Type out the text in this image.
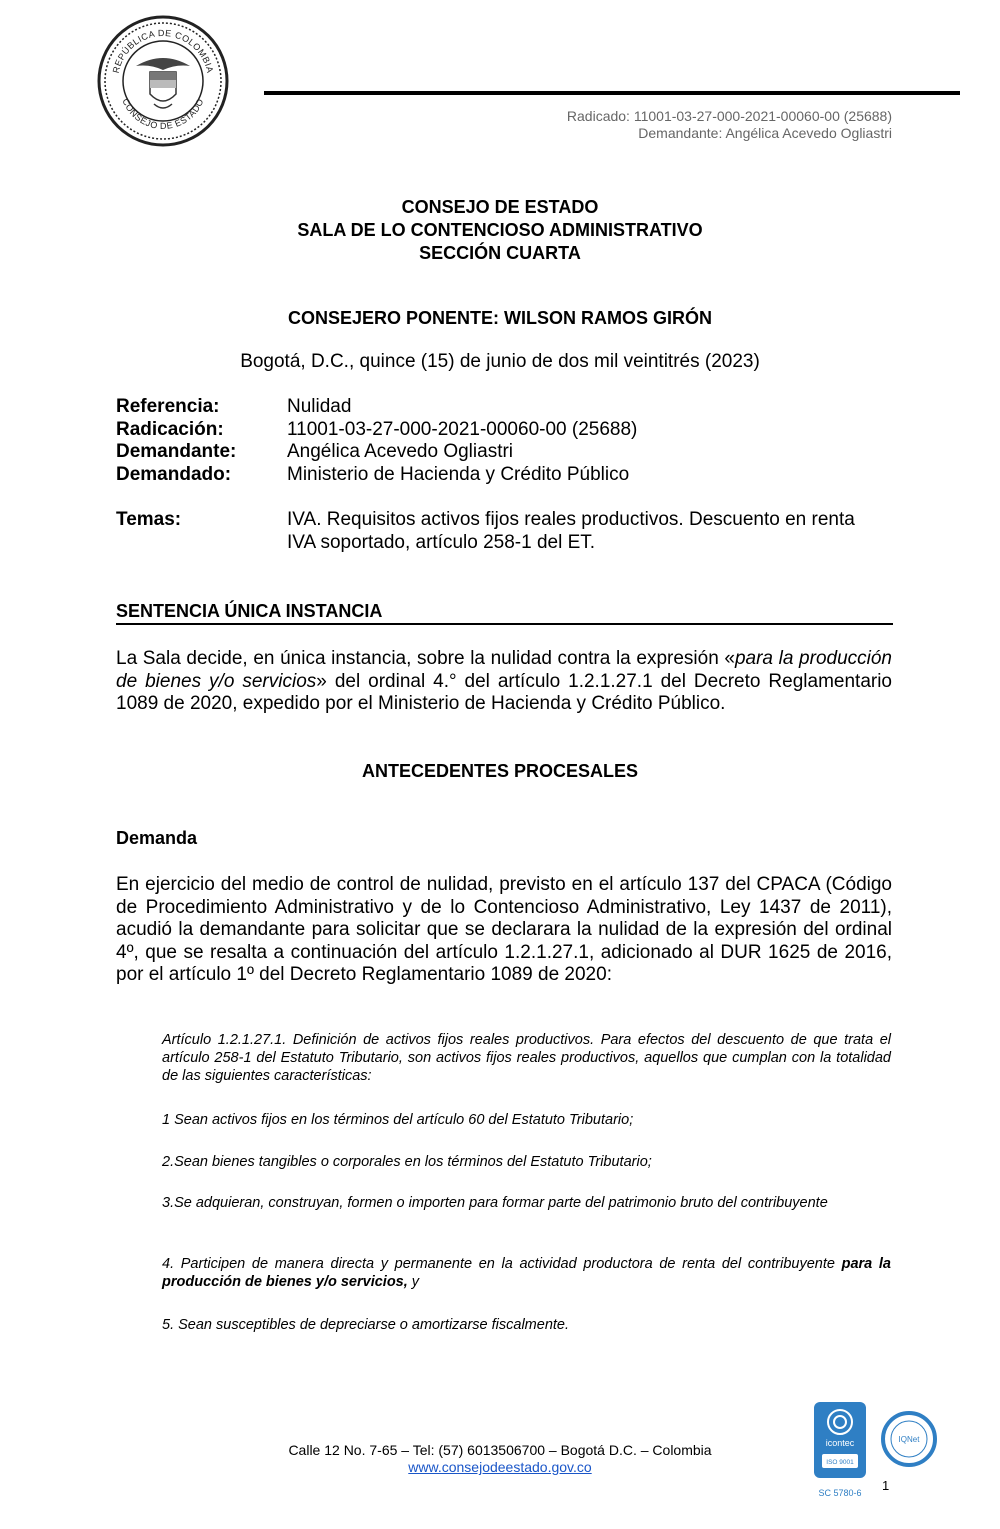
REPÚBLICA DE COLOMBIA
CONSEJO DE ESTADO
Radicado: 11001-03-27-000-2021-00060-00 (25688)
Demandante: Angélica Acevedo Ogliastri
CONSEJO DE ESTADO
SALA DE LO CONTENCIOSO ADMINISTRATIVO
SECCIÓN CUARTA
CONSEJERO PONENTE: WILSON RAMOS GIRÓN
Bogotá, D.C., quince (15) de junio de dos mil veintitrés (2023)
Referencia:	Nulidad
Radicación:	11001-03-27-000-2021-00060-00 (25688)
Demandante:	Angélica Acevedo Ogliastri
Demandado:	Ministerio de Hacienda y Crédito Público
Temas:	IVA. Requisitos activos fijos reales productivos. Descuento en renta
IVA soportado, artículo 258-1 del ET.
SENTENCIA ÚNICA INSTANCIA
La Sala decide, en única instancia, sobre la nulidad contra la expresión «para la producción de bienes y/o servicios» del ordinal 4.° del artículo 1.2.1.27.1 del Decreto Reglamentario 1089 de 2020, expedido por el Ministerio de Hacienda y Crédito Público.
ANTECEDENTES PROCESALES
Demanda
En ejercicio del medio de control de nulidad, previsto en el artículo 137 del CPACA (Código de Procedimiento Administrativo y de lo Contencioso Administrativo, Ley 1437 de 2011), acudió la demandante para solicitar que se declarara la nulidad de la expresión del ordinal 4º, que se resalta a continuación del artículo 1.2.1.27.1, adicionado al DUR 1625 de 2016, por el artículo 1º del Decreto Reglamentario 1089 de 2020:
Artículo 1.2.1.27.1. Definición de activos fijos reales productivos. Para efectos del descuento de que trata el artículo 258-1 del Estatuto Tributario, son activos fijos reales productivos, aquellos que cumplan con la totalidad de las siguientes características:
1 Sean activos fijos en los términos del artículo 60 del Estatuto Tributario;
2.Sean bienes tangibles o corporales en los términos del Estatuto Tributario;
3.Se adquieran, construyan, formen o importen para formar parte del patrimonio bruto del contribuyente
4. Participen de manera directa y permanente en la actividad productora de renta del contribuyente para la producción de bienes y/o servicios, y
5. Sean susceptibles de depreciarse o amortizarse fiscalmente.
Calle 12 No. 7-65 – Tel: (57) 6013506700 – Bogotá D.C. – Colombia
www.consejodeestado.gov.co
icontec
ISO 9001
SC 5780-6
IQNet
1
